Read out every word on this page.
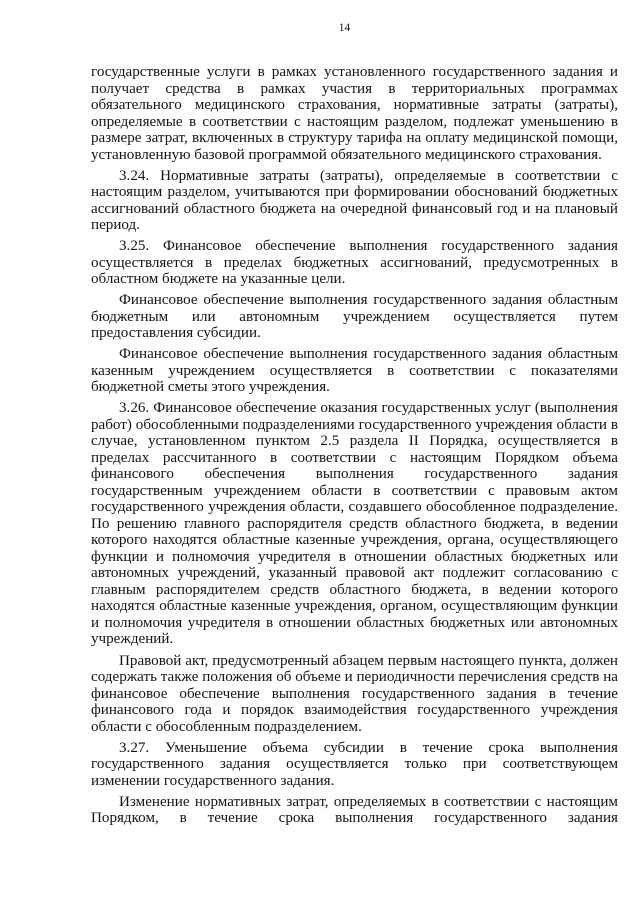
14

государственные услуги в рамках установленного государственного задания и получает средства в рамках участия в территориальных программах обязательного медицинского страхования, нормативные затраты (затраты), определяемые в соответствии с настоящим разделом, подлежат уменьшению в размере затрат, включенных в структуру тарифа на оплату медицинской помощи, установленную базовой программой обязательного медицинского страхования.

3.24. Нормативные затраты (затраты), определяемые в соответствии с настоящим разделом, учитываются при формировании обоснований бюджетных ассигнований областного бюджета на очередной финансовый год и на плановый период.

3.25. Финансовое обеспечение выполнения государственного задания осуществляется в пределах бюджетных ассигнований, предусмотренных в областном бюджете на указанные цели.

Финансовое обеспечение выполнения государственного задания областным бюджетным или автономным учреждением осуществляется путем предоставления субсидии.

Финансовое обеспечение выполнения государственного задания областным казенным учреждением осуществляется в соответствии с показателями бюджетной сметы этого учреждения.

3.26. Финансовое обеспечение оказания государственных услуг (выполнения работ) обособленными подразделениями государственного учреждения области в случае, установленном пунктом 2.5 раздела II Порядка, осуществляется в пределах рассчитанного в соответствии с настоящим Порядком объема финансового обеспечения выполнения государственного задания государственным учреждением области в соответствии с правовым актом государственного учреждения области, создавшего обособленное подразделение. По решению главного распорядителя средств областного бюджета, в ведении которого находятся областные казенные учреждения, органа, осуществляющего функции и полномочия учредителя в отношении областных бюджетных или автономных учреждений, указанный правовой акт подлежит согласованию с главным распорядителем средств областного бюджета, в ведении которого находятся областные казенные учреждения, органом, осуществляющим функции и полномочия учредителя в отношении областных бюджетных или автономных учреждений.

Правовой акт, предусмотренный абзацем первым настоящего пункта, должен содержать также положения об объеме и периодичности перечисления средств на финансовое обеспечение выполнения государственного задания в течение финансового года и порядок взаимодействия государственного учреждения области с обособленным подразделением.

3.27. Уменьшение объема субсидии в течение срока выполнения государственного задания осуществляется только при соответствующем изменении государственного задания.

Изменение нормативных затрат, определяемых в соответствии с настоящим Порядком, в течение срока выполнения государственного задания
